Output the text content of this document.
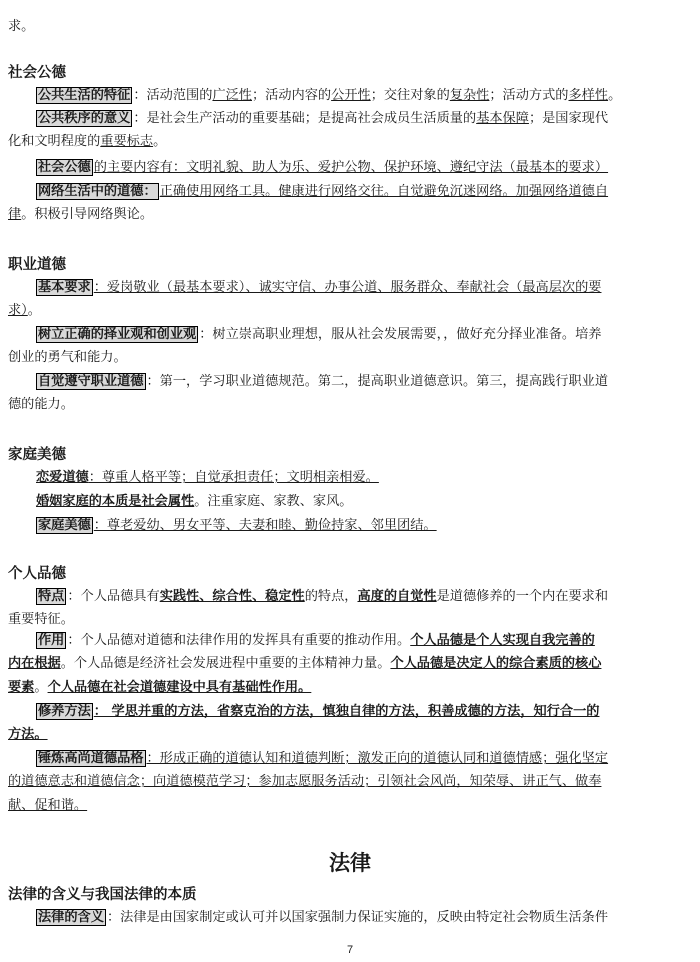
求。
社会公德
公共生活的特征 ：活动范围的广泛性；活动内容的公开性；交往对象的复杂性；活动方式的多样性。
公共秩序的意义 ：是社会生产活动的重要基础；是提高社会成员生活质量的基本保障；是国家现代
化和文明程度的重要标志。
社会公德 的主要内容有：文明礼貌、助人为乐、爱护公物、保护环境、遵纪守法（最基本的要求）
网络生活中的道德： 正确使用网络工具。健康进行网络交往。自觉避免沉迷网络。加强网络道德自
律。积极引导网络舆论。
职业道德
基本要求 ：爱岗敬业（最基本要求）、诚实守信、办事公道、服务群众、奉献社会（最高层次的要
求）。
树立正确的择业观和创业观 ：树立崇高职业理想，服从社会发展需要，，做好充分择业准备。培养
创业的勇气和能力。
自觉遵守职业道德 ：第一，学习职业道德规范。第二，提高职业道德意识。第三，提高践行职业道
德的能力。
家庭美德
恋爱道德：尊重人格平等；自觉承担责任；文明相亲相爱。
婚姻家庭的本质是社会属性。注重家庭、家教、家风。
家庭美德 ：尊老爱幼、男女平等、夫妻和睦、勤俭持家、邻里团结。
个人品德
特点 ：个人品德具有实践性、综合性、稳定性的特点，高度的自觉性是道德修养的一个内在要求和
重要特征。
作用 ：个人品德对道德和法律作用的发挥具有重要的推动作用。个人品德是个人实现自我完善的
内在根据。个人品德是经济社会发展进程中重要的主体精神力量。个人品德是决定人的综合素质的核心
要素。个人品德在社会道德建设中具有基础性作用。
修养方法 ： 学思并重的方法，省察克治的方法，慎独自律的方法，积善成德的方法，知行合一的
方法。
锤炼高尚道德品格 ：形成正确的道德认知和道德判断；激发正向的道德认同和道德情感；强化坚定
的道德意志和道德信念；向道德模范学习；参加志愿服务活动；引领社会风尚，知荣辱、讲正气、做奉
献、促和谐。
法律
法律的含义与我国法律的本质
法律的含义 ：法律是由国家制定或认可并以国家强制力保证实施的，反映由特定社会物质生活条件
7
